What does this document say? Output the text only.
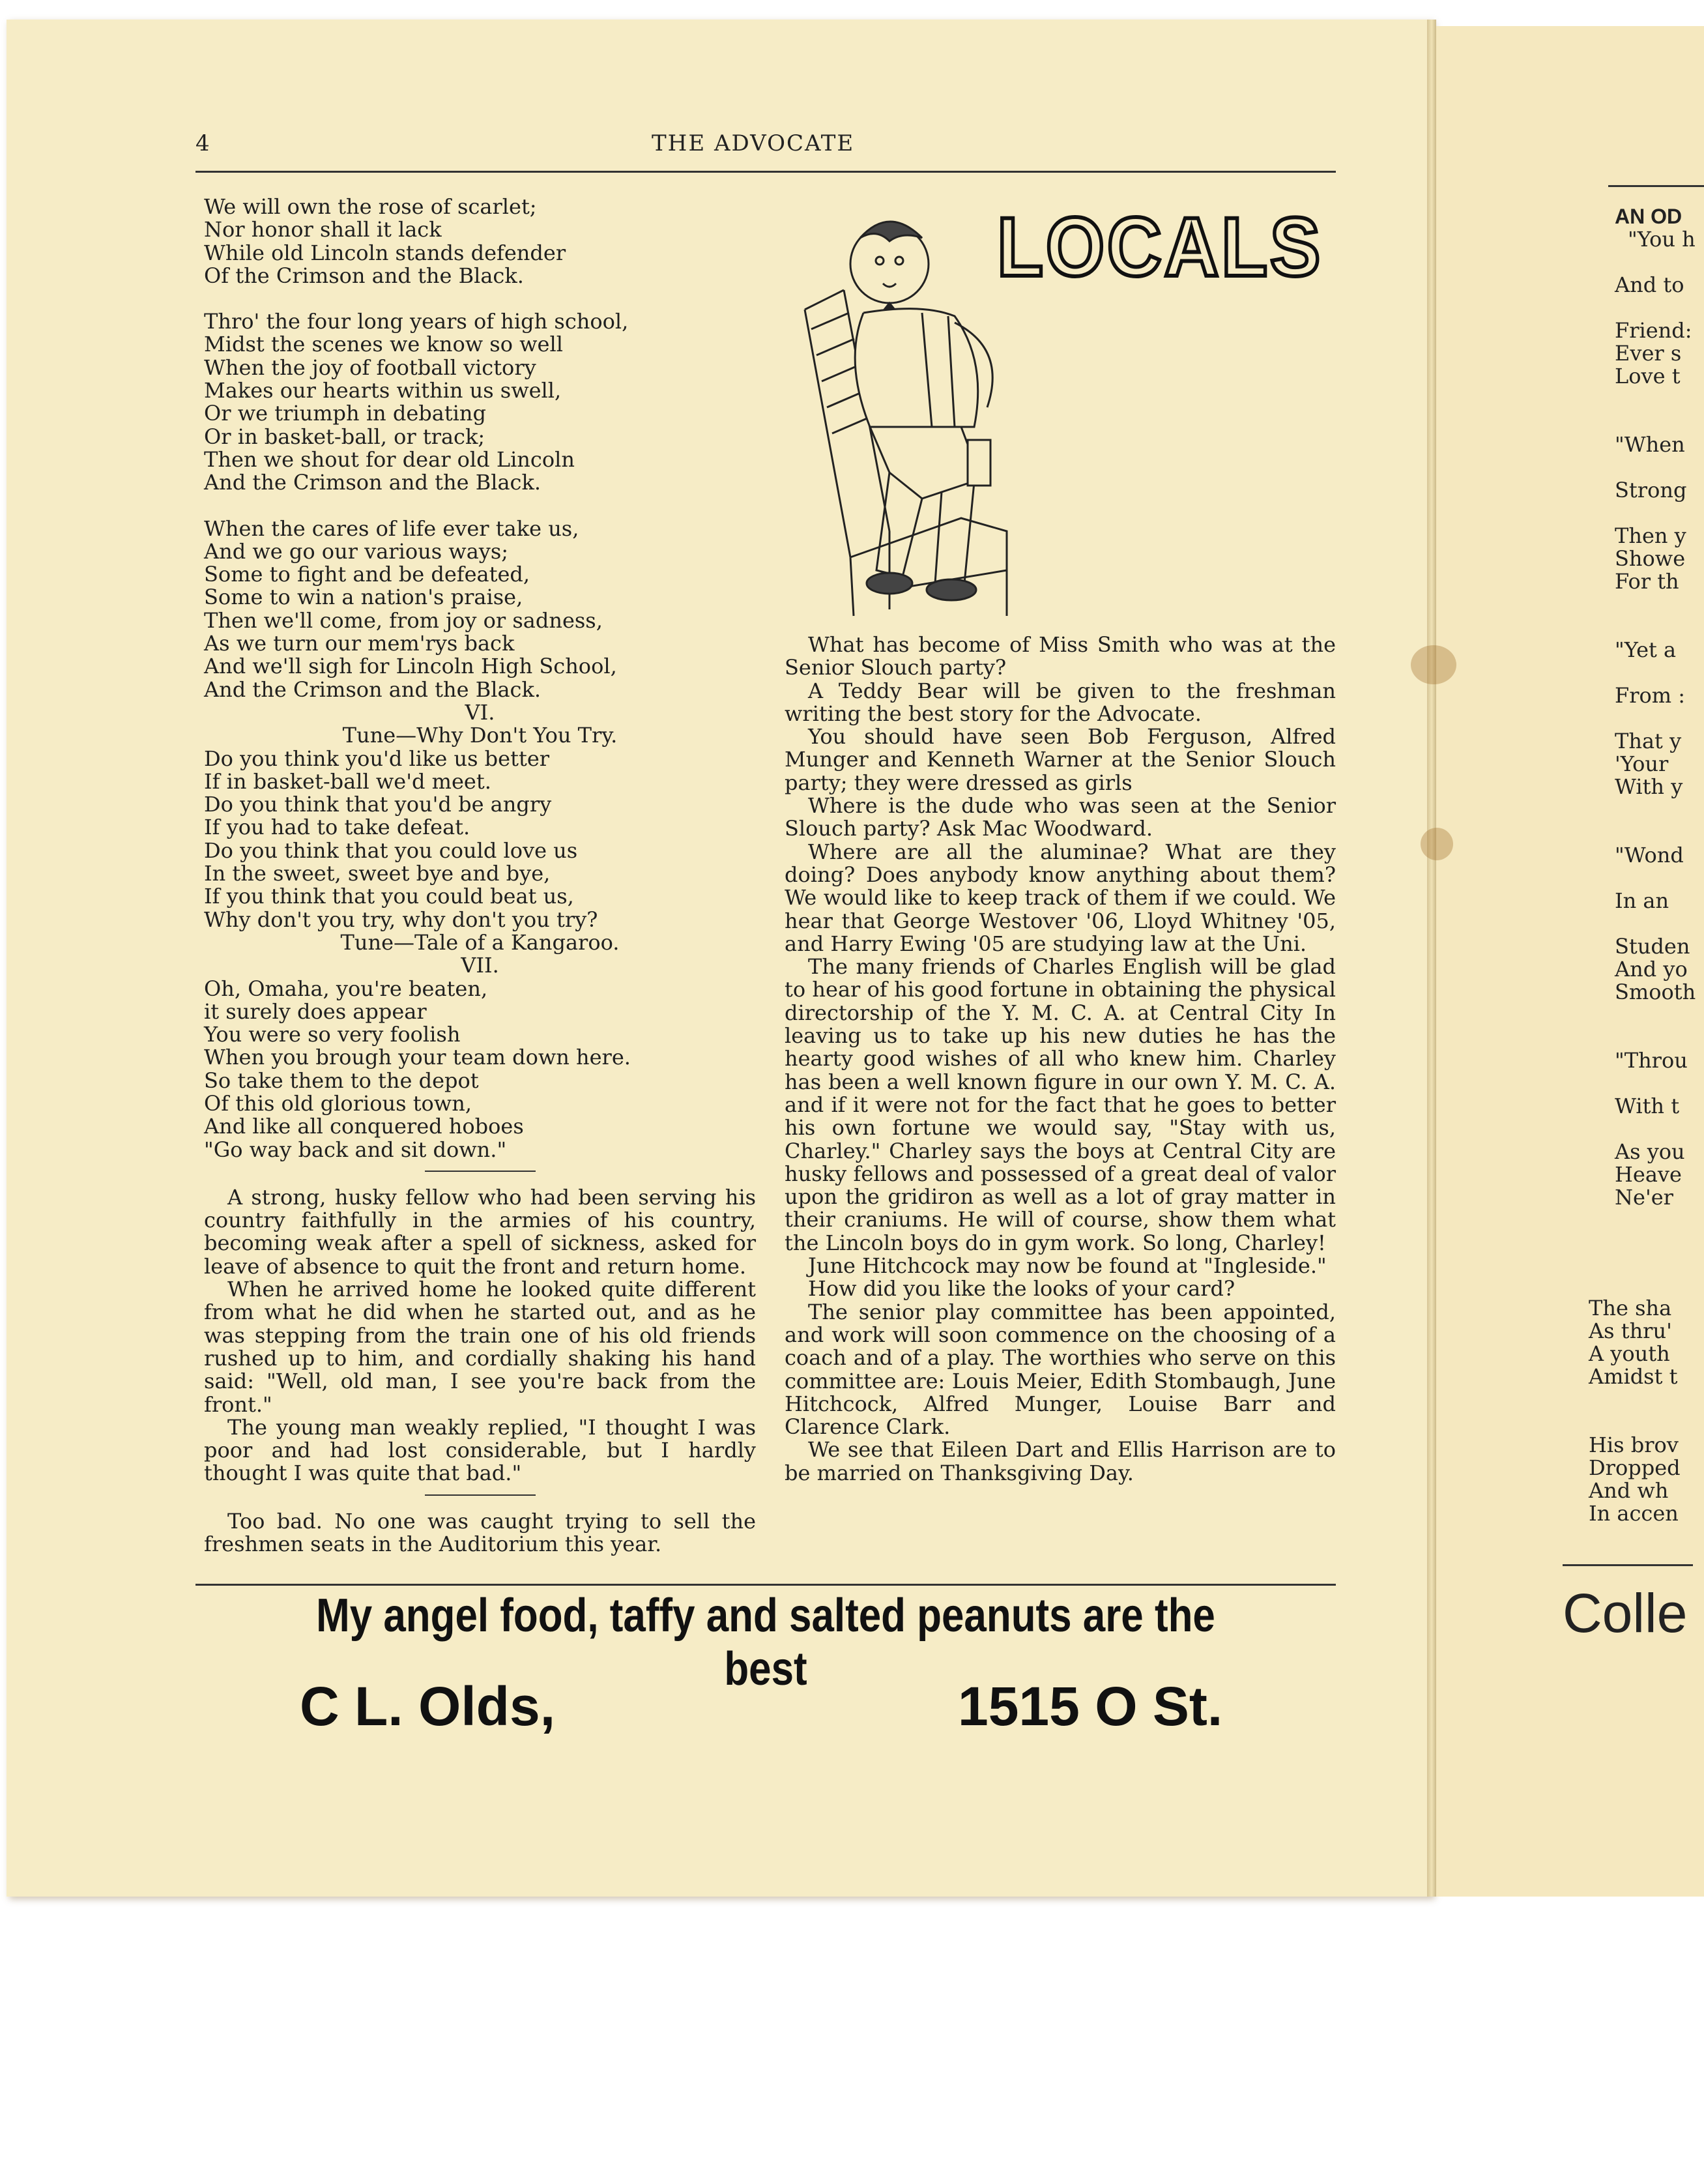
4	THE ADVOCATE

We will own the rose of scarlet;
Nor honor shall it lack
While old Lincoln stands defender
Of the Crimson and the Black.

Thro' the four long years of high school,
Midst the scenes we know so well
When the joy of football victory
Makes our hearts within us swell,
Or we triumph in debating
Or in basket-ball, or track;
Then we shout for dear old Lincoln
And the Crimson and the Black.

When the cares of life ever take us,
And we go our various ways;
Some to fight and be defeated,
Some to win a nation's praise,
Then we'll come, from joy or sadness,
As we turn our mem'rys back
And we'll sigh for Lincoln High School,
And the Crimson and the Black.

VI.

Tune—Why Don't You Try.

Do you think you'd like us better
If in basket-ball we'd meet.
Do you think that you'd be angry
If you had to take defeat.
Do you think that you could love us
In the sweet, sweet bye and bye,
If you think that you could beat us,
Why don't you try, why don't you try?

Tune—Tale of a Kangaroo.

VII.

Oh, Omaha, you're beaten,
it surely does appear
You were so very foolish
When you brough your team down here.
So take them to the depot
Of this old glorious town,
And like all conquered hoboes
"Go way back and sit down."

A strong, husky fellow who had been serving his country faithfully in the armies of his country, becoming weak after a spell of sickness, asked for leave of absence to quit the front and return home.

When he arrived home he looked quite different from what he did when he started out, and as he was stepping from the train one of his old friends rushed up to him, and cordially shaking his hand said: "Well, old man, I see you're back from the front."

The young man weakly replied, "I thought I was poor and had lost considerable, but I hardly thought I was quite that bad."

Too bad. No one was caught trying to sell the freshmen seats in the Auditorium this year.

LOCALS

What has become of Miss Smith who was at the Senior Slouch party?

A Teddy Bear will be given to the freshman writing the best story for the Advocate.

You should have seen Bob Ferguson, Alfred Munger and Kenneth Warner at the Senior Slouch party; they were dressed as girls

Where is the dude who was seen at the Senior Slouch party? Ask Mac Woodward.

Where are all the aluminae? What are they doing? Does anybody know anything about them? We would like to keep track of them if we could. We hear that George Westover '06, Lloyd Whitney '05, and Harry Ewing '05 are studying law at the Uni.

The many friends of Charles English will be glad to hear of his good fortune in obtaining the physical directorship of the Y. M. C. A. at Central City In leaving us to take up his new duties he has the hearty good wishes of all who knew him. Charley has been a well known figure in our own Y. M. C. A. and if it were not for the fact that he goes to better his own fortune we would say, "Stay with us, Charley." Charley says the boys at Central City are husky fellows and possessed of a great deal of valor upon the gridiron as well as a lot of gray matter in their craniums. He will of course, show them what the Lincoln boys do in gym work. So long, Charley!

June Hitchcock may now be found at "Ingleside."

How did you like the looks of your card?

The senior play committee has been appointed, and work will soon commence on the choosing of a coach and of a play. The worthies who serve on this committee are: Louis Meier, Edith Stombaugh, June Hitchcock, Alfred Munger, Louise Barr and Clarence Clark.

We see that Eileen Dart and Ellis Harrison are to be married on Thanksgiving Day.

My angel food, taffy and salted peanuts are the best
C L. Olds,	1515 O St.
AN OD
"You h
And to
Friend:
Ever s
Love t
"When
Strong
Then y
Showe
For th
"Yet a
From :
That y
'Your
With y
"Wond
In an
Studen
And yo
Smooth
"Throu
With t
As you
Heave
Ne'er
The sha
As thru'
A youth
Amidst t
His brov
Dropped
And wh
In accen
Colle
